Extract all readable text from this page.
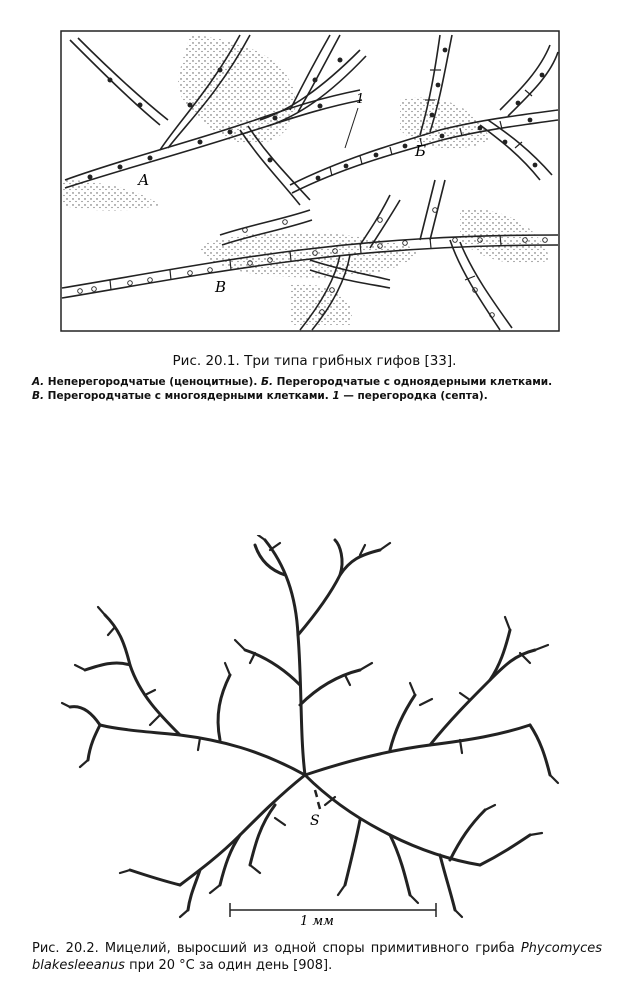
А
Б
В
1
Рис. 20.1. Три типа грибных гифов [33].
А. Неперегородчатые (ценоцитные). Б. Перегородчатые с одноядерными клетками.
В. Перегородчатые с многоядерными клетками. 1 — перегородка (септа).
S
1 мм
Рис. 20.2. Мицелий, выросший из одной споры примитивного гриба Phycomyces blakesleeanus при 20 °С за один день [908].
